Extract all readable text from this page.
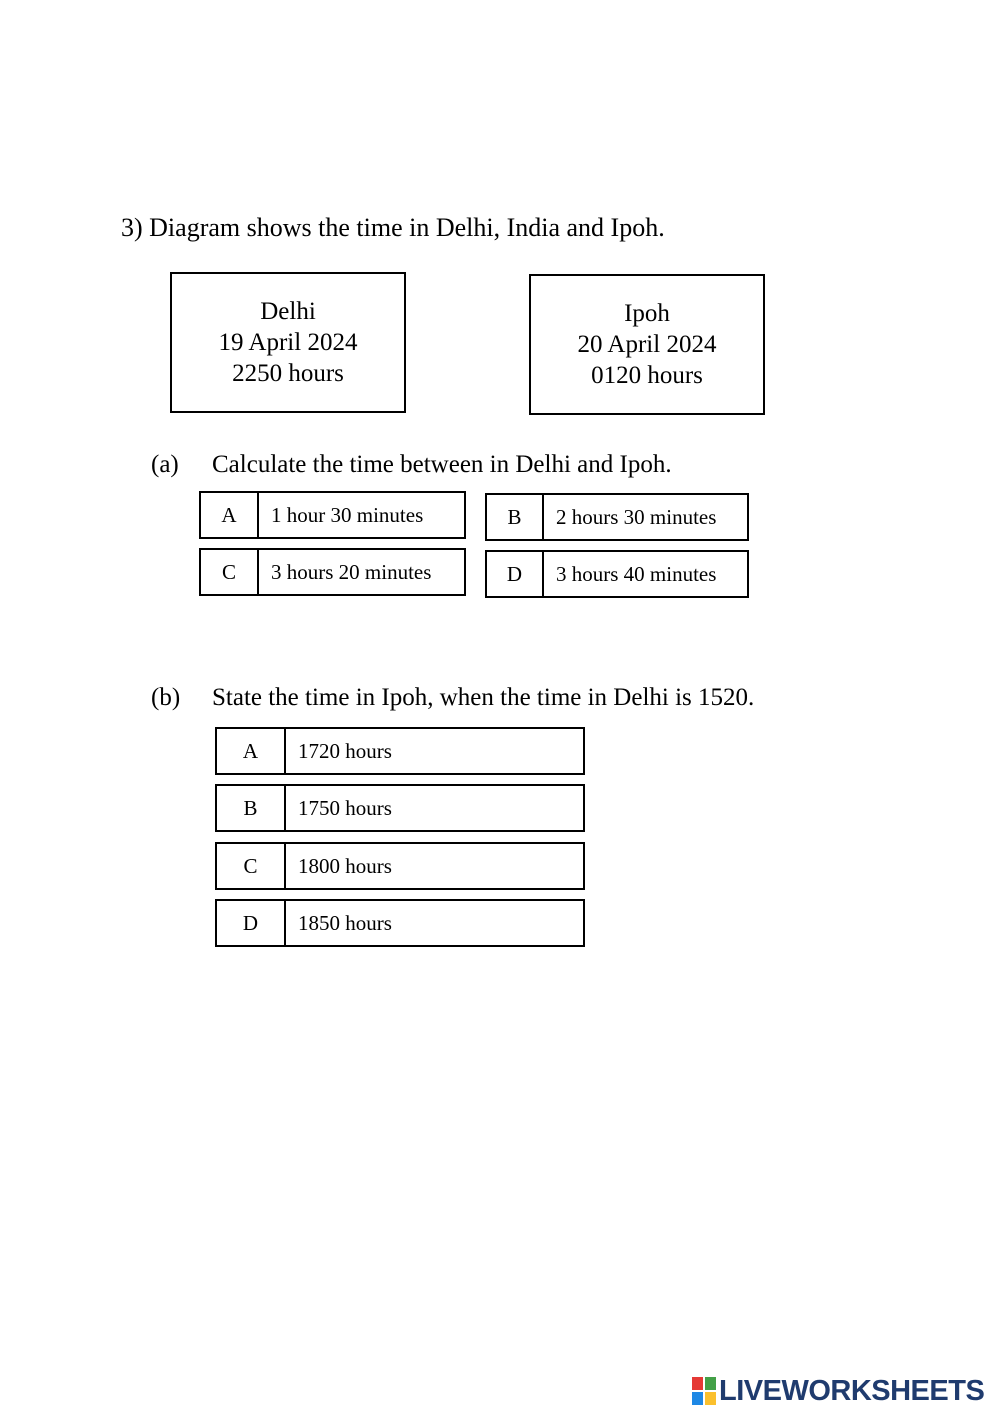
3) Diagram shows the time in Delhi, India and Ipoh.
Delhi
19 April 2024
2250 hours
Ipoh
20 April 2024
0120 hours
(a) Calculate the time between in Delhi and Ipoh.
A	1 hour 30 minutes	B	2 hours 30 minutes
C	3 hours 20 minutes	D	3 hours 40 minutes
(b) State the time in Ipoh, when the time in Delhi is 1520.
A	1720 hours
B	1750 hours
C	1800 hours
D	1850 hours
LIVEWORKSHEETS
